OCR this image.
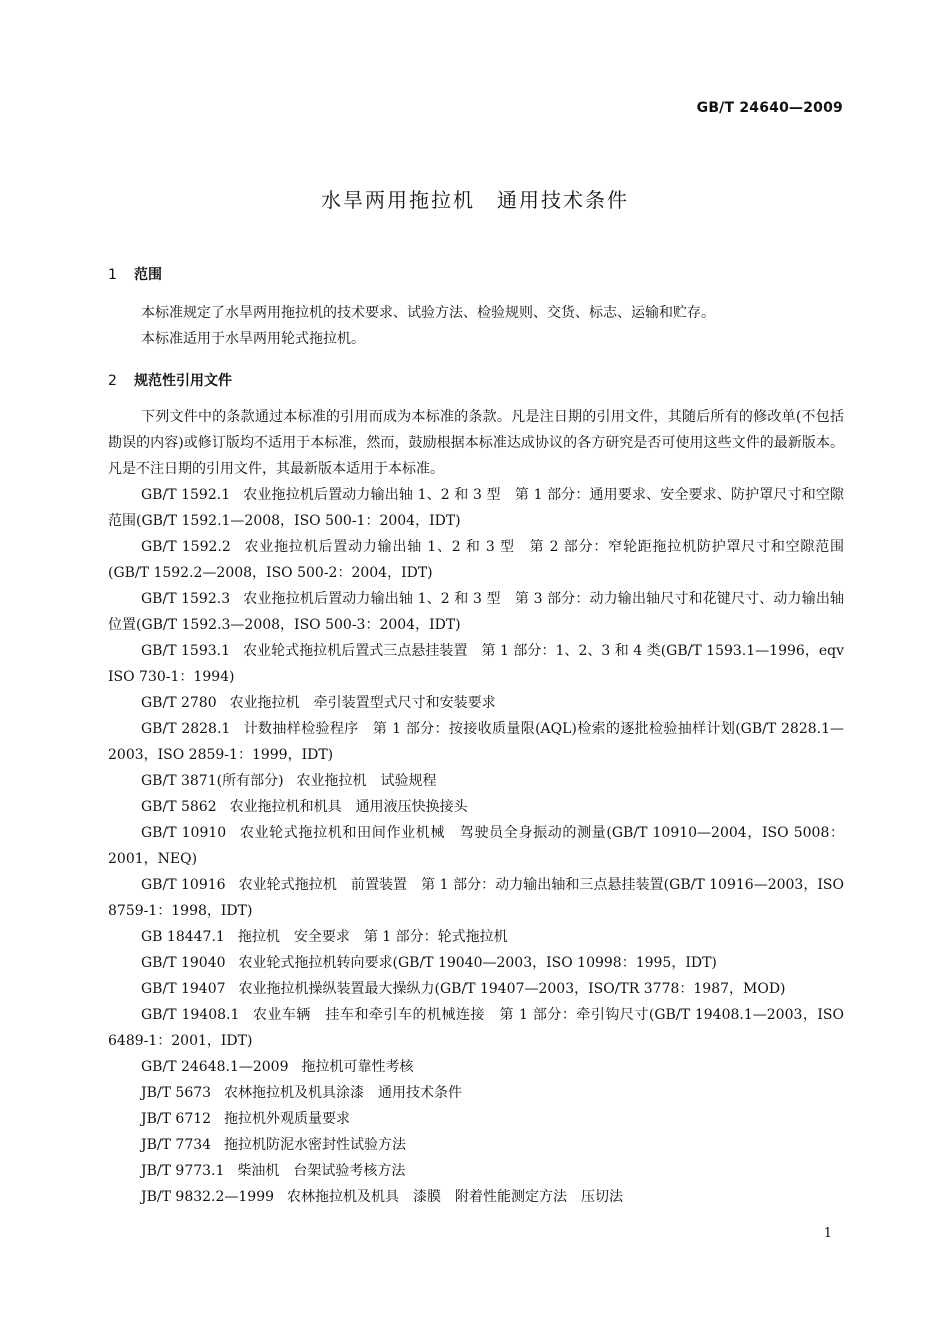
GB/T 24640—2009
水旱两用拖拉机　通用技术条件
1 范围
本标准规定了水旱两用拖拉机的技术要求、试验方法、检验规则、交货、标志、运输和贮存。
本标准适用于水旱两用轮式拖拉机。
2 规范性引用文件
下列文件中的条款通过本标准的引用而成为本标准的条款。凡是注日期的引用文件，其随后所有的修改单(不包括勘误的内容)或修订版均不适用于本标准，然而，鼓励根据本标准达成协议的各方研究是否可使用这些文件的最新版本。凡是不注日期的引用文件，其最新版本适用于本标准。
GB/T 1592.1 农业拖拉机后置动力输出轴 1、2 和 3 型　第 1 部分：通用要求、安全要求、防护罩尺寸和空隙范围(GB/T 1592.1—2008，ISO 500-1：2004，IDT)
GB/T 1592.2 农业拖拉机后置动力输出轴 1、2 和 3 型　第 2 部分：窄轮距拖拉机防护罩尺寸和空隙范围(GB/T 1592.2—2008，ISO 500-2：2004，IDT)
GB/T 1592.3 农业拖拉机后置动力输出轴 1、2 和 3 型　第 3 部分：动力输出轴尺寸和花键尺寸、动力输出轴位置(GB/T 1592.3—2008，ISO 500-3：2004，IDT)
GB/T 1593.1 农业轮式拖拉机后置式三点悬挂装置　第 1 部分：1、2、3 和 4 类(GB/T 1593.1—1996，eqv ISO 730-1：1994)
GB/T 2780 农业拖拉机　牵引装置型式尺寸和安装要求
GB/T 2828.1 计数抽样检验程序　第 1 部分：按接收质量限(AQL)检索的逐批检验抽样计划(GB/T 2828.1—2003，ISO 2859-1：1999，IDT)
GB/T 3871(所有部分) 农业拖拉机　试验规程
GB/T 5862 农业拖拉机和机具　通用液压快换接头
GB/T 10910 农业轮式拖拉机和田间作业机械　驾驶员全身振动的测量(GB/T 10910—2004，ISO 5008：2001，NEQ)
GB/T 10916 农业轮式拖拉机　前置装置　第 1 部分：动力输出轴和三点悬挂装置(GB/T 10916—2003，ISO 8759-1：1998，IDT)
GB 18447.1 拖拉机　安全要求　第 1 部分：轮式拖拉机
GB/T 19040 农业轮式拖拉机转向要求(GB/T 19040—2003，ISO 10998：1995，IDT)
GB/T 19407 农业拖拉机操纵装置最大操纵力(GB/T 19407—2003，ISO/TR 3778：1987，MOD)
GB/T 19408.1 农业车辆　挂车和牵引车的机械连接　第 1 部分：牵引钩尺寸(GB/T 19408.1—2003，ISO 6489-1：2001，IDT)
GB/T 24648.1—2009 拖拉机可靠性考核
JB/T 5673 农林拖拉机及机具涂漆　通用技术条件
JB/T 6712 拖拉机外观质量要求
JB/T 7734 拖拉机防泥水密封性试验方法
JB/T 9773.1 柴油机　台架试验考核方法
JB/T 9832.2—1999 农林拖拉机及机具　漆膜　附着性能测定方法　压切法
1
